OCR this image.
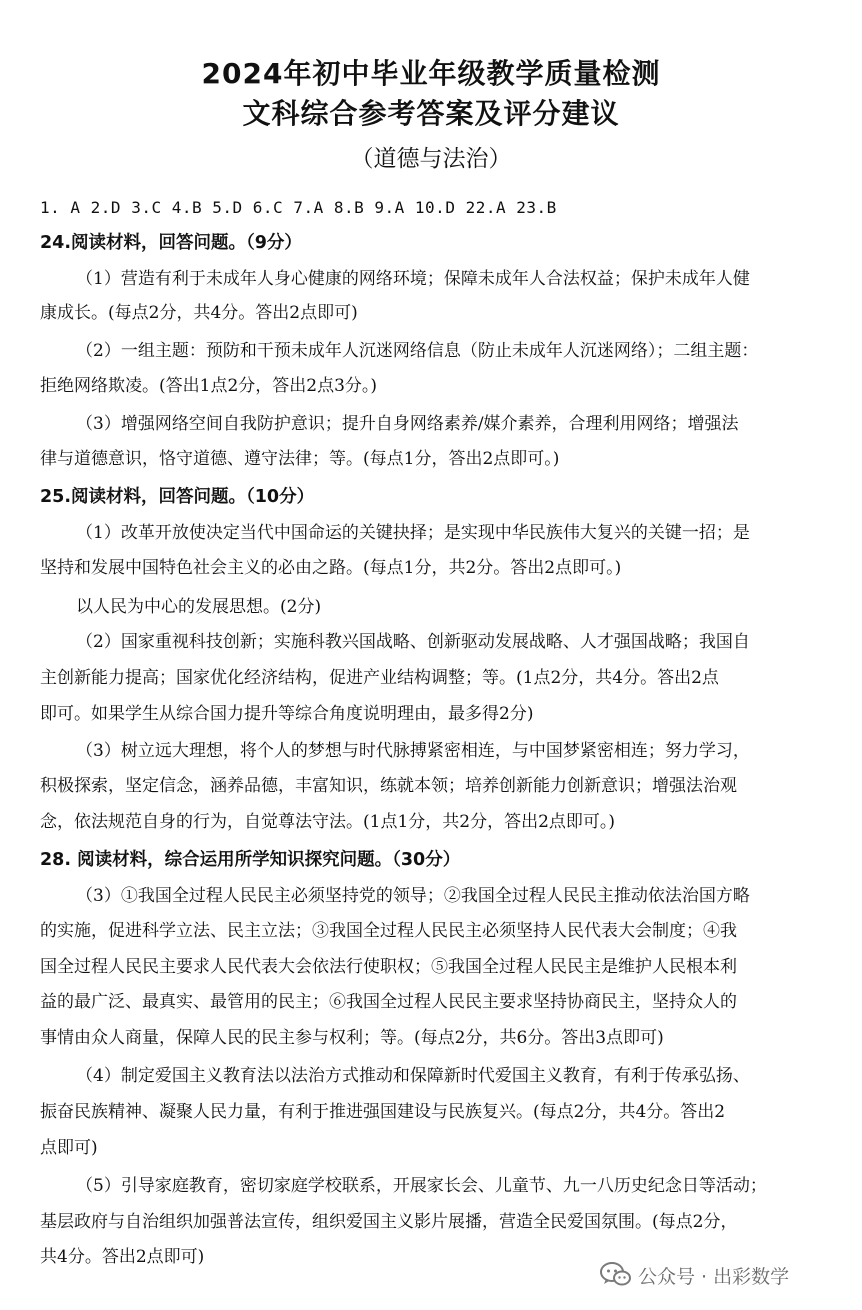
2024年初中毕业年级教学质量检测
文科综合参考答案及评分建议
（道德与法治）
1. A 2.D 3.C 4.B 5.D 6.C 7.A 8.B 9.A 10.D 22.A 23.B
24.阅读材料，回答问题。（9分）
（1）营造有利于未成年人身心健康的网络环境；保障未成年人合法权益；保护未成年人健
康成长。(每点2分，共4分。答出2点即可)
（2）一组主题：预防和干预未成年人沉迷网络信息（防止未成年人沉迷网络）；二组主题：
拒绝网络欺凌。(答出1点2分，答出2点3分。)
（3）增强网络空间自我防护意识；提升自身网络素养/媒介素养，合理利用网络；增强法
律与道德意识，恪守道德、遵守法律；等。(每点1分，答出2点即可。)
25.阅读材料，回答问题。（10分）
（1）改革开放使决定当代中国命运的关键抉择；是实现中华民族伟大复兴的关键一招；是
坚持和发展中国特色社会主义的必由之路。(每点1分，共2分。答出2点即可。)
以人民为中心的发展思想。(2分)
（2）国家重视科技创新；实施科教兴国战略、创新驱动发展战略、人才强国战略；我国自
主创新能力提高；国家优化经济结构，促进产业结构调整；等。(1点2分，共4分。答出2点
即可。如果学生从综合国力提升等综合角度说明理由，最多得2分)
（3）树立远大理想，将个人的梦想与时代脉搏紧密相连，与中国梦紧密相连；努力学习，
积极探索，坚定信念，涵养品德，丰富知识，练就本领；培养创新能力创新意识；增强法治观
念，依法规范自身的行为，自觉尊法守法。(1点1分，共2分，答出2点即可。)
28. 阅读材料，综合运用所学知识探究问题。（30分）
（3）①我国全过程人民民主必须坚持党的领导；②我国全过程人民民主推动依法治国方略
的实施，促进科学立法、民主立法；③我国全过程人民民主必须坚持人民代表大会制度；④我
国全过程人民民主要求人民代表大会依法行使职权；⑤我国全过程人民民主是维护人民根本利
益的最广泛、最真实、最管用的民主；⑥我国全过程人民民主要求坚持协商民主，坚持众人的
事情由众人商量，保障人民的民主参与权利；等。(每点2分，共6分。答出3点即可)
（4）制定爱国主义教育法以法治方式推动和保障新时代爱国主义教育，有利于传承弘扬、
振奋民族精神、凝聚人民力量，有利于推进强国建设与民族复兴。(每点2分，共4分。答出2
点即可)
（5）引导家庭教育，密切家庭学校联系，开展家长会、儿童节、九一八历史纪念日等活动；
基层政府与自治组织加强普法宣传，组织爱国主义影片展播，营造全民爱国氛围。(每点2分，
共4分。答出2点即可)
公众号 · 出彩数学
